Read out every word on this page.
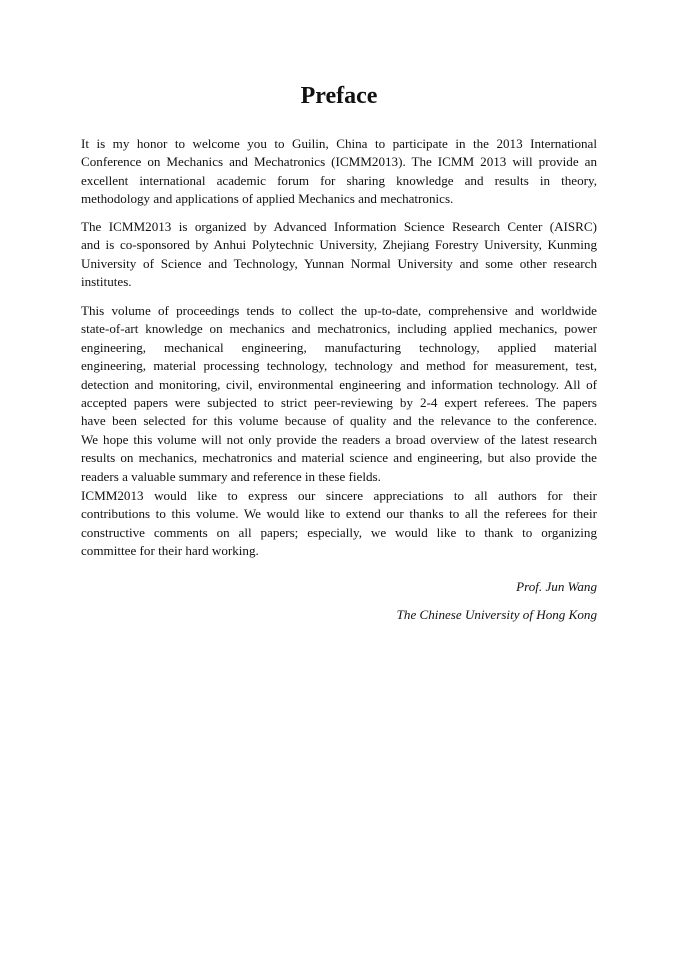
Preface
It is my honor to welcome you to Guilin, China to participate in the 2013 International
Conference on Mechanics and Mechatronics (ICMM2013). The ICMM 2013 will provide an
excellent international academic forum for sharing knowledge and results in theory,
methodology and applications of applied Mechanics and mechatronics.
The ICMM2013 is organized by Advanced Information Science Research Center (AISRC)
and is co-sponsored by Anhui Polytechnic University, Zhejiang Forestry University, Kunming
University of Science and Technology, Yunnan Normal University and some other research
institutes.
This volume of proceedings tends to collect the up-to-date, comprehensive and worldwide
state-of-art knowledge on mechanics and mechatronics, including applied mechanics, power
engineering, mechanical engineering, manufacturing technology, applied material
engineering, material processing technology, technology and method for measurement, test,
detection and monitoring, civil, environmental engineering and information technology. All of
accepted papers were subjected to strict peer-reviewing by 2-4 expert referees. The papers
have been selected for this volume because of quality and the relevance to the conference.
We hope this volume will not only provide the readers a broad overview of the latest research
results on mechanics, mechatronics and material science and engineering, but also provide the
readers a valuable summary and reference in these fields.
ICMM2013 would like to express our sincere appreciations to all authors for their
contributions to this volume. We would like to extend our thanks to all the referees for their
constructive comments on all papers; especially, we would like to thank to organizing
committee for their hard working.
Prof. Jun Wang
The Chinese University of Hong Kong
